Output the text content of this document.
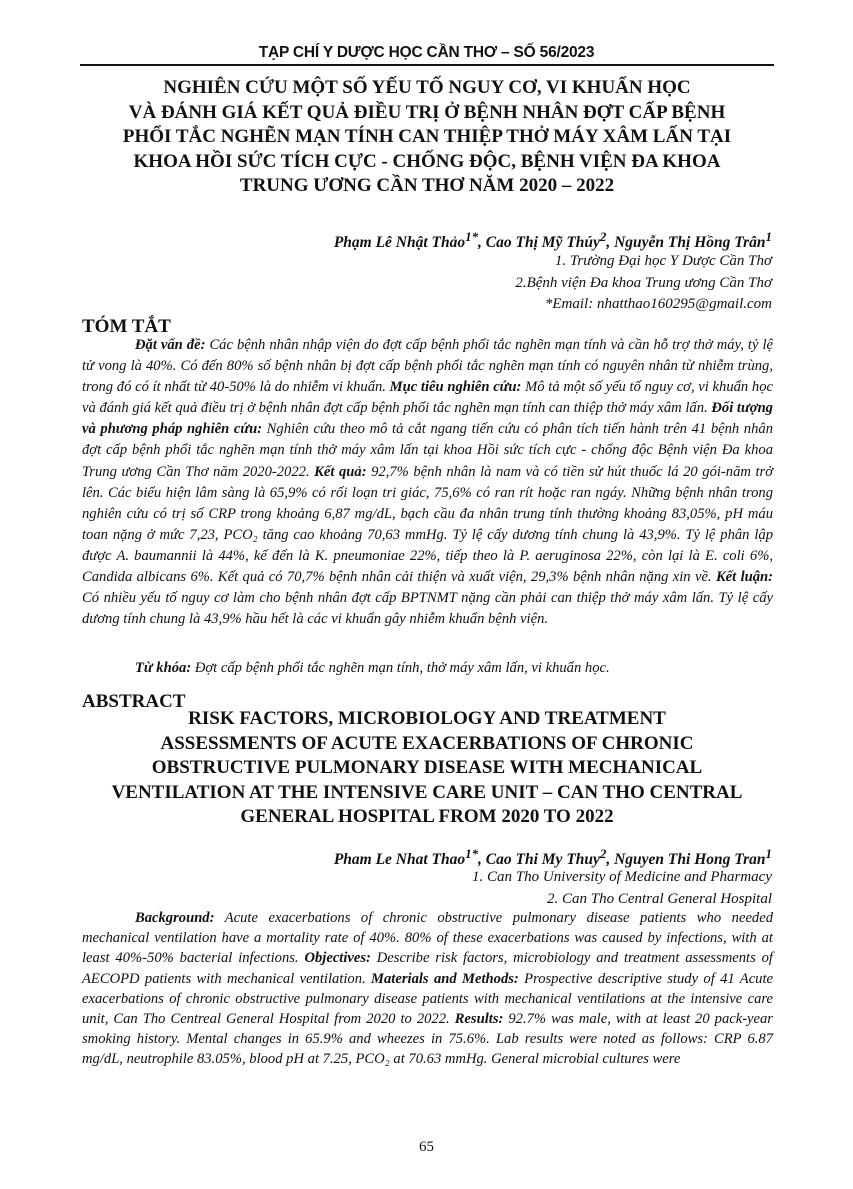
TẠP CHÍ Y DƯỢC HỌC CẦN THƠ – SỐ 56/2023
NGHIÊN CỨU MỘT SỐ YẾU TỐ NGUY CƠ, VI KHUẨN HỌC
VÀ ĐÁNH GIÁ KẾT QUẢ ĐIỀU TRỊ Ở BỆNH NHÂN ĐỢT CẤP BỆNH
PHỔI TẮC NGHẼN MẠN TÍNH CAN THIỆP THỞ MÁY XÂM LẤN TẠI
KHOA HỒI SỨC TÍCH CỰC - CHỐNG ĐỘC, BỆNH VIỆN ĐA KHOA
TRUNG ƯƠNG CẦN THƠ NĂM 2020 – 2022
Phạm Lê Nhật Thảo$^{1*}$, Cao Thị Mỹ Thúy$^2$, Nguyễn Thị Hồng Trân$^1$
1. Trường Đại học Y Dược Cần Thơ
2.Bệnh viện Đa khoa Trung ương Cần Thơ
*Email: nhatthao160295@gmail.com
TÓM TẮT
Đặt vấn đề: Các bệnh nhân nhập viện do đợt cấp bệnh phổi tắc nghẽn mạn tính và cần hỗ trợ thở máy, tỷ lệ tử vong là 40%. Có đến 80% số bệnh nhân bị đợt cấp bệnh phổi tắc nghẽn mạn tính có nguyên nhân từ nhiễm trùng, trong đó có ít nhất từ 40-50% là do nhiễm vi khuẩn. Mục tiêu nghiên cứu: Mô tả một số yếu tố nguy cơ, vi khuẩn học và đánh giá kết quả điều trị ở bệnh nhân đợt cấp bệnh phổi tắc nghẽn mạn tính can thiệp thở máy xâm lấn. Đối tượng và phương pháp nghiên cứu: Nghiên cứu theo mô tả cắt ngang tiến cứu có phân tích tiến hành trên 41 bệnh nhân đợt cấp bệnh phổi tắc nghẽn mạn tính thở máy xâm lấn tại khoa Hồi sức tích cực - chống độc Bệnh viện Đa khoa Trung ương Cần Thơ năm 2020-2022. Kết quả: 92,7% bệnh nhân là nam và có tiền sử hút thuốc lá 20 gói-năm trở lên. Các biểu hiện lâm sàng là 65,9% có rối loạn tri giác, 75,6% có ran rít hoặc ran ngáy. Những bệnh nhân trong nghiên cứu có trị số CRP trong khoảng 6,87 mg/dL, bạch cầu đa nhân trung tính thường khoảng 83,05%, pH máu toan nặng ở mức 7,23, PCO₂ tăng cao khoảng 70,63 mmHg. Tỷ lệ cấy dương tính chung là 43,9%. Tỷ lệ phân lập được A. baumannii là 44%, kế đến là K. pneumoniae 22%, tiếp theo là P. aeruginosa 22%, còn lại là E. coli 6%, Candida albicans 6%. Kết quả có 70,7% bệnh nhân cải thiện và xuất viện, 29,3% bệnh nhân nặng xin về. Kết luận: Có nhiều yếu tố nguy cơ làm cho bệnh nhân đợt cấp BPTNMT nặng cần phải can thiệp thở máy xâm lấn. Tỷ lệ cấy dương tính chung là 43,9% hầu hết là các vi khuẩn gây nhiễm khuẩn bệnh viện.
Từ khóa: Đợt cấp bệnh phổi tắc nghẽn mạn tính, thở máy xâm lấn, vi khuẩn học.
ABSTRACT
RISK FACTORS, MICROBIOLOGY AND TREATMENT
ASSESSMENTS OF ACUTE EXACERBATIONS OF CHRONIC
OBSTRUCTIVE PULMONARY DISEASE WITH MECHANICAL
VENTILATION AT THE INTENSIVE CARE UNIT – CAN THO CENTRAL
GENERAL HOSPITAL FROM 2020 TO 2022
Pham Le Nhat Thao$^{1*}$, Cao Thi My Thuy$^2$, Nguyen Thi Hong Tran$^1$
1. Can Tho University of Medicine and Pharmacy
2. Can Tho Central General Hospital
Background: Acute exacerbations of chronic obstructive pulmonary disease patients who needed mechanical ventilation have a mortality rate of 40%. 80% of these exacerbations was caused by infections, with at least 40%-50% bacterial infections. Objectives: Describe risk factors, microbiology and treatment assessments of AECOPD patients with mechanical ventilation. Materials and Methods: Prospective descriptive study of 41 Acute exacerbations of chronic obstructive pulmonary disease patients with mechanical ventilations at the intensive care unit, Can Tho Centreal General Hospital from 2020 to 2022. Results: 92.7% was male, with at least 20 pack-year smoking history. Mental changes in 65.9% and wheezes in 75.6%. Lab results were noted as follows: CRP 6.87 mg/dL, neutrophile 83.05%, blood pH at 7.25, PCO₂ at 70.63 mmHg. General microbial cultures were
65
